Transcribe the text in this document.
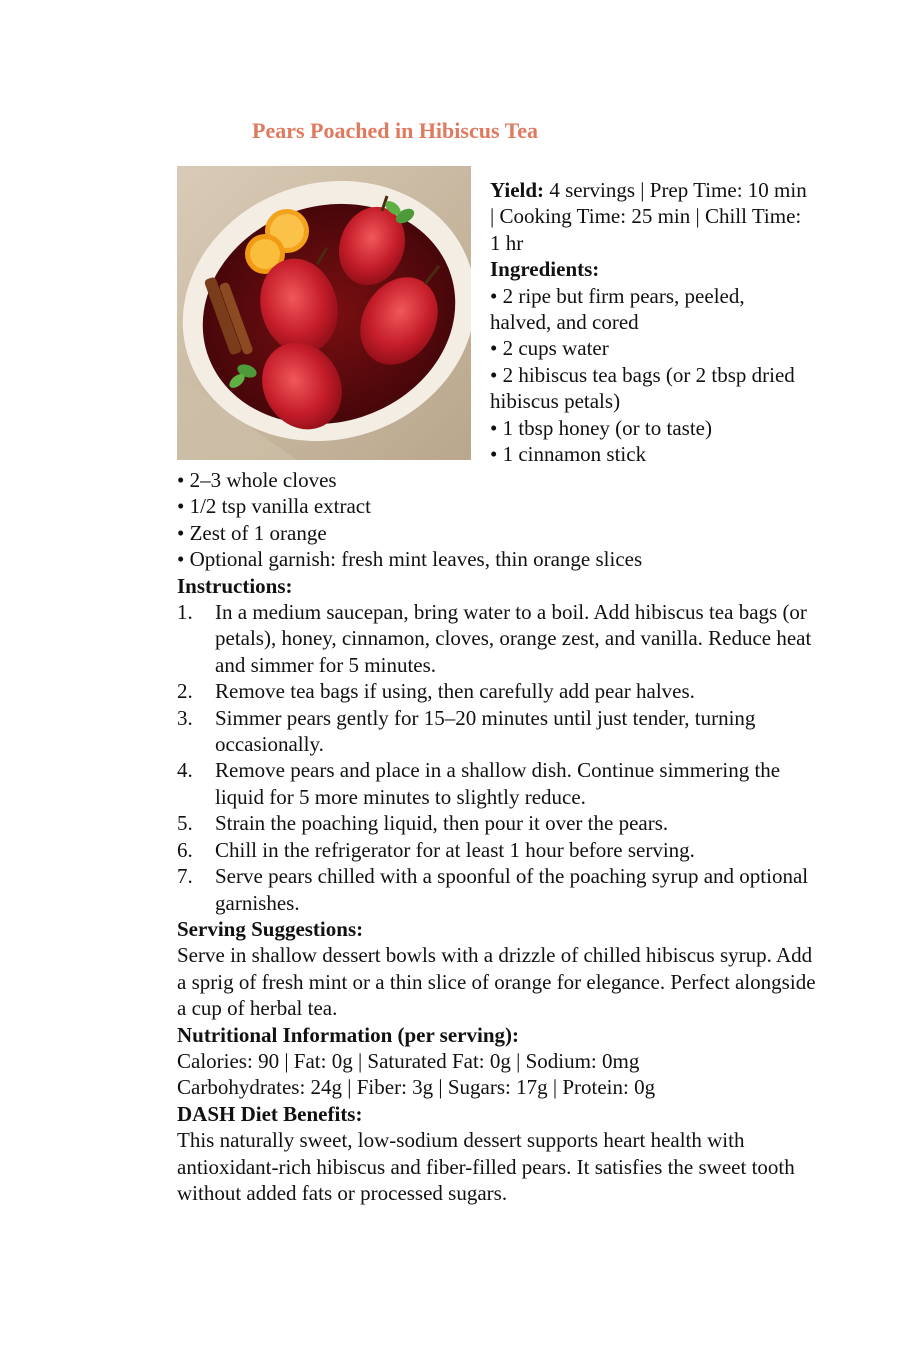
Pears Poached in Hibiscus Tea
Yield: 4 servings | Prep Time: 10 min | Cooking Time: 25 min | Chill Time: 1 hr
Ingredients:
• 2 ripe but firm pears, peeled, halved, and cored
• 2 cups water
• 2 hibiscus tea bags (or 2 tbsp dried hibiscus petals)
• 1 tbsp honey (or to taste)
• 1 cinnamon stick
• 2–3 whole cloves
• 1/2 tsp vanilla extract
• Zest of 1 orange
• Optional garnish: fresh mint leaves, thin orange slices
Instructions:
1. In a medium saucepan, bring water to a boil. Add hibiscus tea bags (or petals), honey, cinnamon, cloves, orange zest, and vanilla. Reduce heat and simmer for 5 minutes.
2. Remove tea bags if using, then carefully add pear halves.
3. Simmer pears gently for 15–20 minutes until just tender, turning occasionally.
4. Remove pears and place in a shallow dish. Continue simmering the liquid for 5 more minutes to slightly reduce.
5. Strain the poaching liquid, then pour it over the pears.
6. Chill in the refrigerator for at least 1 hour before serving.
7. Serve pears chilled with a spoonful of the poaching syrup and optional garnishes.
Serving Suggestions:
Serve in shallow dessert bowls with a drizzle of chilled hibiscus syrup. Add a sprig of fresh mint or a thin slice of orange for elegance. Perfect alongside a cup of herbal tea.
Nutritional Information (per serving):
Calories: 90 | Fat: 0g | Saturated Fat: 0g | Sodium: 0mg
Carbohydrates: 24g | Fiber: 3g | Sugars: 17g | Protein: 0g
DASH Diet Benefits:
This naturally sweet, low-sodium dessert supports heart health with antioxidant-rich hibiscus and fiber-filled pears. It satisfies the sweet tooth without added fats or processed sugars.
